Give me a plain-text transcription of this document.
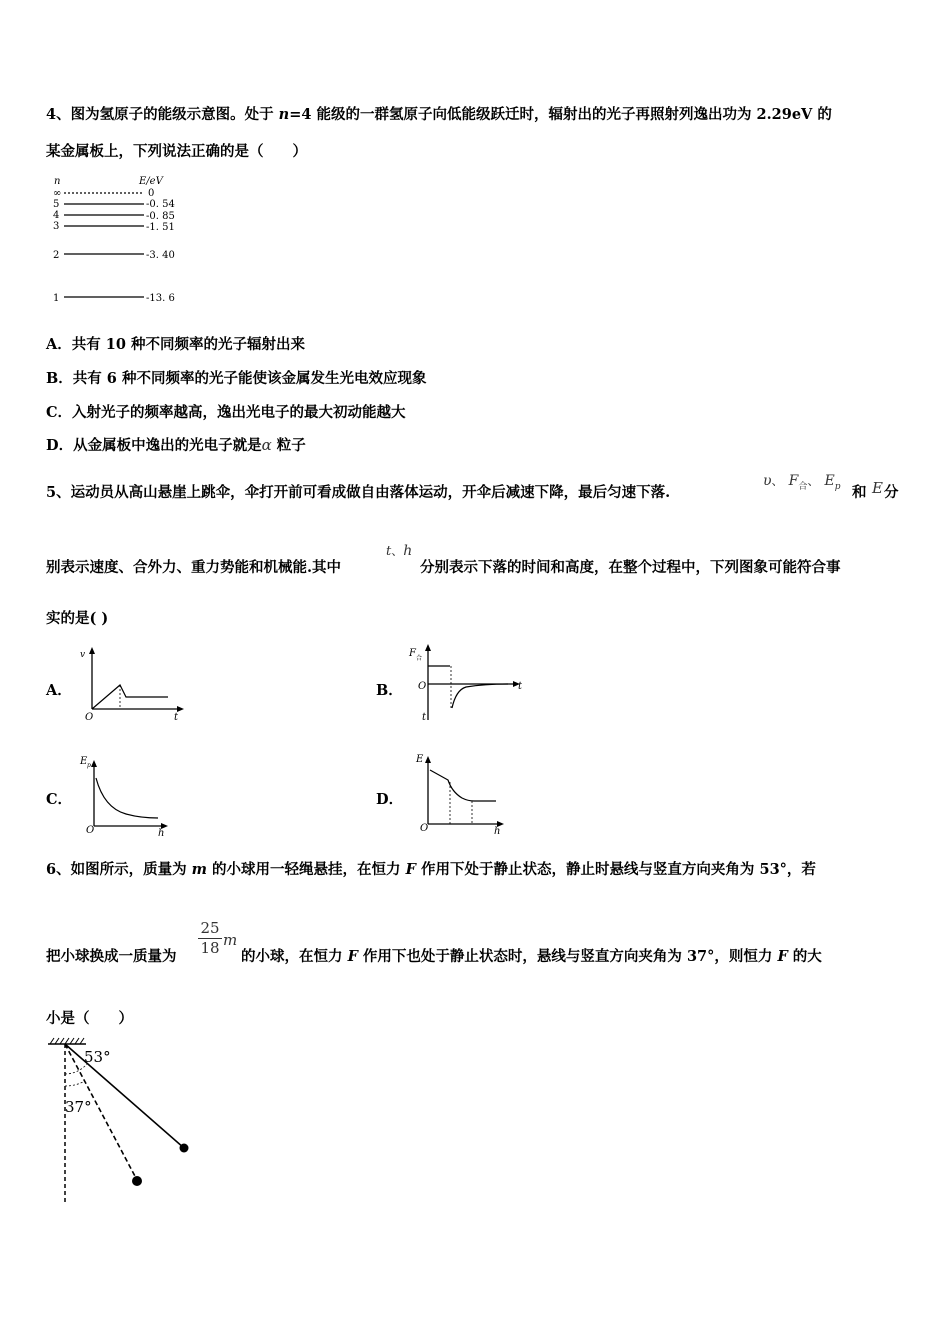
4、图为氢原子的能级示意图。处于 n=4 能级的一群氢原子向低能级跃迁时，辐射出的光子再照射列逸出功为 2.29eV 的
某金属板上，下列说法正确的是（　　）
n	E/eV
∞	0
5	-0. 54
4	-0. 85
3	-1. 51
2	-3. 40
1	-13. 6
A．共有 10 种不同频率的光子辐射出来
B．共有 6 种不同频率的光子能使该金属发生光电效应现象
C．入射光子的频率越高，逸出光电子的最大初动能越大
D．从金属板中逸出的光电子就是α 粒子
5、运动员从高山悬崖上跳伞，伞打开前可看成做自由落体运动，开伞后减速下降，最后匀速下落.
υ、 $F_合$、 $E_p$ 和 E 分
别表示速度、合外力、重力势能和机械能.其中
t、h
分别表示下落的时间和高度，在整个过程中，下列图象可能符合事
实的是( )
A．	B．
C．	D．
v
O	t
F 合
O	t
t
E p
O	h
E
O	h
6、如图所示，质量为 m 的小球用一轻绳悬挂，在恒力 F 作用下处于静止状态，静止时悬线与竖直方向夹角为 53°，若
把小球换成一质量为 $\frac{25}{18}$ m
的小球，在恒力 F 作用下也处于静止状态时，悬线与竖直方向夹角为 37°，则恒力 F 的大
小是（　　）
53°
37°
